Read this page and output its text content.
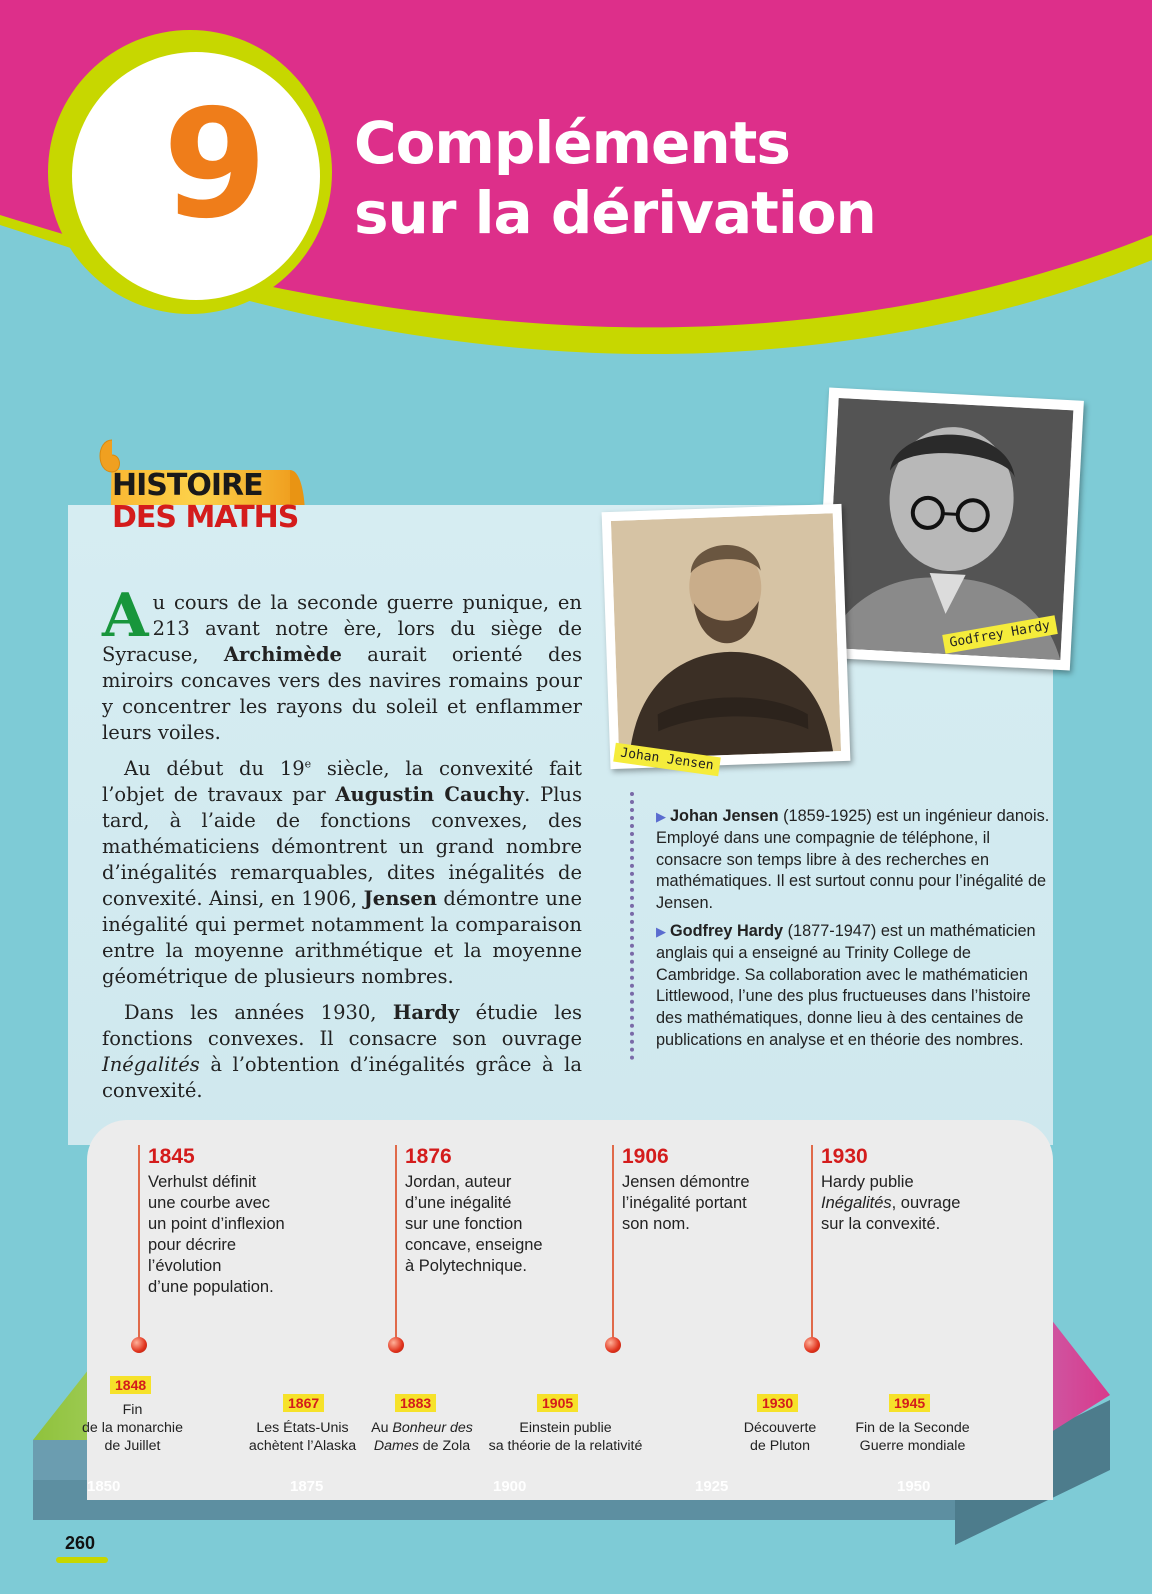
9	Compléments
sur la dérivation
HISTOIRE
DES MATHS

Au cours de la seconde guerre punique, en 213 avant notre ère, lors du siège de Syracuse, Archimède aurait orienté des miroirs concaves vers des navires romains pour y concentrer les rayons du soleil et enflammer leurs voiles.

Au début du 19e siècle, la convexité fait l’objet de travaux par Augustin Cauchy. Plus tard, à l’aide de fonctions convexes, des mathématiciens démontrent un grand nombre d’inégalités remarquables, dites inégalités de convexité. Ainsi, en 1906, Jensen démontre une inégalité qui permet notamment la comparaison entre la moyenne arithmétique et la moyenne géométrique de plusieurs nombres.

Dans les années 1930, Hardy étudie les fonctions convexes. Il consacre son ouvrage Inégalités à l’obtention d’inégalités grâce à la convexité.

Godfrey Hardy
Johan Jensen

▶ Johan Jensen (1859-1925) est un ingénieur danois. Employé dans une compagnie de téléphone, il consacre son temps libre à des recherches en mathématiques. Il est surtout connu pour l’inégalité de Jensen.

▶ Godfrey Hardy (1877-1947) est un mathématicien anglais qui a enseigné au Trinity College de Cambridge. Sa collaboration avec le mathématicien Littlewood, l’une des plus fructueuses dans l’histoire des mathématiques, donne lieu à des centaines de publications en analyse et en théorie des nombres.

1845
Verhulst définit
une courbe avec
un point d’inflexion
pour décrire
l’évolution
d’une population.
1876
Jordan, auteur
d’une inégalité
sur une fonction
concave, enseigne
à Polytechnique.
1906
Jensen démontre
l’inégalité portant
son nom.
1930
Hardy publie
Inégalités, ouvrage
sur la convexité.
1848
Fin
de la monarchie
de Juillet
1867
Les États-Unis
achètent l’Alaska
1883
Au Bonheur des
Dames de Zola
1905
Einstein publie
sa théorie de la relativité
1930
Découverte
de Pluton
1945
Fin de la Seconde
Guerre mondiale
1850	1875	1900	1925	1950
260
